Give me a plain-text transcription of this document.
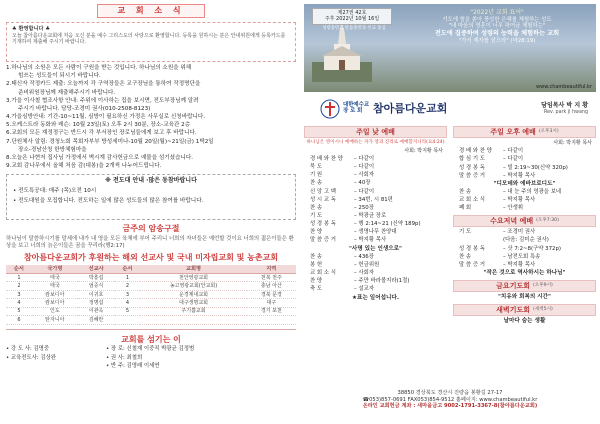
교 회 소 식
♣ 환영합니다 ♣
오늘 참아름다운교회에 처음 오신 분을 예수 그리스도의 사랑으로 환영합니다. 등록을 원하시는 분은 안내위원에게 등록카드를 기재하여 제출해 주시기 바랍니다.
1.하나님의 소원은 모든 사람이 구원을 받는 것입니다. 하나님의 소원을 위해
힘쓰는 성도들이 되시기 바랍니다.
2.태신자 작정카드 제출: 오늘까지 각 구역장들은 교구장님을 통하여 작정명단을
준비위원장님께 제출해주시기 바랍니다.
3.가을 이사철 협조사항 안내: 주위에 이사하는 집을 보시면, 전도부장님께 알려
주시기 바랍니다. 담당-조경미 권사(010-2508-8123)
4.가을심방안내: 기간-10~11월, 심방이 필요하신 가정은 사무실로 신청바랍니다.
5.오케스트라 동화와 레슨: 10월 23일(토) 오후 2시 30분, 장소-교육관 2층
6.교회의 모든 재정정구는 반드시 각 부서장인 장로님들에게 보고 후 바랍니다.
7.단원체사 알림: 경청노회 목회자부부 방성세미나-10월 20일(월)~21일(금) 1박2일
장소-경남산청 한방체험마을
8.오늘은 나현저 집사님 가정에서 벽시계 감사헌금으로 예물을 섬기셨습니다.
9.교회 감나무에서 올해 처음 감(대봉)을 2개씩 나누어드립니다.
※ 전도대 안내 ·많은 동참바랍니다
• 전도특공대: 매주 (목)오전 10시
• 전도대원을 모집합니다. 전도하는 일에 많은 성도들의 많은 참여를 바랍니다.
금주의 암송구절
하나님이 말씀하시기를 말세에 내가 내 영을 모든 육체에 부어 주리니 너희의 자녀들은 예언할 것이요 너희의 젊은이들은 환상을 보고 너희의 늙은이들은 꿈을 꾸리라(행2:17)
참아름다운교회가 후원하는 해외 선교사 및 국내 미자립교회 및 농촌교회
순서	국가명	선교사	순서	교회명	지역
1	태국	박흥섭	1	천안영광교회	천북 천주
2	태국	엄증식	2	농고영광교회(안교회)	충남 아산
3	캄보디아	이귀호	3	운경제내교회	경북 문경
4	캄보디아	정명섭	4	대구생명교회	대구
5	인도	이관옥	5	주기쁨교회	경기 포천
6	탄자니아	김혜란			
교회를 섬기는 이
• 강 도 사: 김명중	• 장 로: 신철재 이중직 박광균 김정범
• 교육전도사: 김상완	• 권 사: 최철희
• 반 주: 김영래 이세연
제27권 42호
주후 2022년 10월 16일
성령충만과 말씀충만과 선교 중심
"2022년 교회 표어"
기도에 힘을 쏟아 풍성한 은혜를 체험하는 성도
"내 마음의 영혼이 너무 하여금 체험하는"
전도에 집중하여 성령의 능력을 체험하는 교회
"가서 제자를 삼으라" (마28:19)
www.chambeautiful.kr
대한예수교
장 로 회 참아름다운교회	담임목사 박 지 황
Rev. park ji hwang
주일 낮 예배
하나님은 영이시니 예배하는 자가 영과 진리로 예배할지니라(요4:24)
사회: 박지황 목사
경 배 와 찬 양	– 다같이
묵 도	– 다같이
기 원	– 사회자
찬 송	– 40장
신 앙 고 백	– 다같이
성 시 교 독	– 34번, 시 81편
찬 송	– 250장
기 도	– 박광균 장로
성 경 봉 독	– 행 2:14~21 (신약 189p)
찬 양	– 생명나무 찬양대
말 씀 증 거	– 박지황 목사
"사명 있는 인생으로"
찬 송	– 436장
봉 헌	– 헌금위원
교 회 소 식	– 사회자
찬 양	– 주만 바라볼지라(1절)
축 도	– 설교자
★표는 일어섭니다.
주일 오후 예배 (오후3시)
사회: 박지황 목사
경 배 와 찬 양	– 다같이
합 심 기 도	– 다같이
성 경 봉 독	– 빌 2:19~30(신약 320p)
말 씀 증 거	– 박지황 목사
"디모데와 에바브로디도"
찬 송	– 내 눈 주의 영광을 보네
교 회 소 식	– 박지황 목사
폐 회	– 안생휘
수요저녁 예배 (오후7:30)
기 도	– 조경미 권사
(다음: 김미순 권사)
성 경 봉 독	– 삿 7:2~8(구약 372p)
찬 송	– 남전도회 특송
말 씀 증 거	– 박지황 목사
"작은 것으로 역사하시는 하나님"
금요기도회 (오후9시)
"치유와 회복의 시간"
새벽기도회 (새벽5시)
날마다 숨는 생활
38850 경상북도 경산시 진량읍 봉황길 27-17
☎053)857-0691 FAX053)854-9512 홈페이지: www.chambeautiful.kr
온라인 교회헌금 계좌 : 새마을금고 9002-1791-3367-8(참아름다운교회)
